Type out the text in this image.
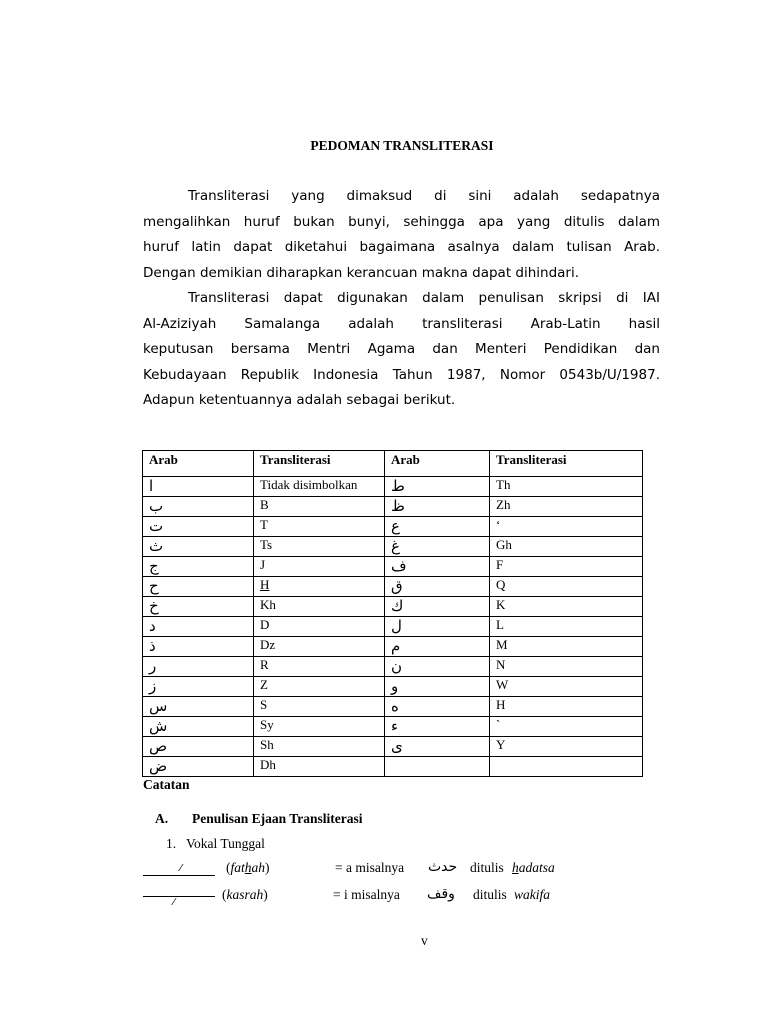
PEDOMAN TRANSLITERASI
Transliterasi yang dimaksud di sini adalah sedapatnya
mengalihkan huruf bukan bunyi, sehingga apa yang ditulis dalam
huruf latin dapat diketahui bagaimana asalnya dalam tulisan Arab.
Dengan demikian diharapkan kerancuan makna dapat dihindari.
Transliterasi dapat digunakan dalam penulisan skripsi di IAI
Al-Aziziyah Samalanga adalah transliterasi Arab-Latin hasil
keputusan bersama Mentri Agama dan Menteri Pendidikan dan
Kebudayaan Republik Indonesia Tahun 1987, Nomor 0543b/U/1987.
Adapun ketentuannya adalah sebagai berikut.
Arab	Transliterasi	Arab	Transliterasi
ا	Tidak disimbolkan	ط	Th
ب	B	ظ	Zh
ت	T	ع	‘
ث	Ts	غ	Gh
ج	J	ف	F
ح	H	ق	Q
خ	Kh	ك	K
د	D	ل	L
ذ	Dz	م	M
ر	R	ن	N
ز	Z	و	W
س	S	ه	H
ش	Sy	ء	`
ص	Sh	ى	Y
ض	Dh		
Catatan
A. Penulisan Ejaan Transliterasi
1.   Vokal Tunggal
⁄	(fathah)	= a misalnya حدث ditulis hadatsa
⁄
(kasrah)	= i misalnya وقف ditulis wakifa
v
